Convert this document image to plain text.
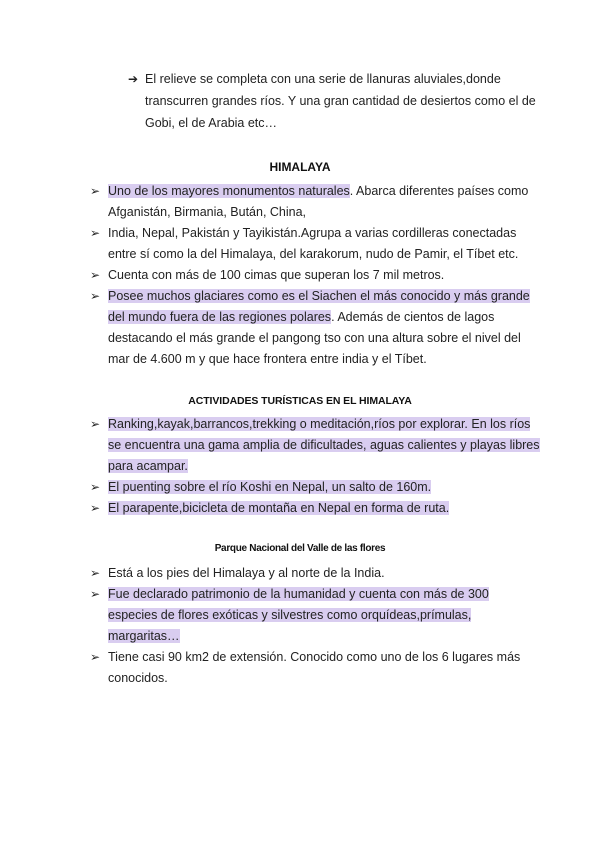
➔ El relieve se completa con una serie de llanuras aluviales,donde transcurren grandes ríos. Y una gran cantidad de desiertos como el de Gobi, el de Arabia etc…
HIMALAYA
➢ Uno de los mayores monumentos naturales. Abarca diferentes países como Afganistán, Birmania, Bután, China,
➢ India, Nepal, Pakistán y Tayikistán.Agrupa a varias cordilleras conectadas entre sí como la del Himalaya, del karakorum, nudo de Pamir, el Tíbet etc.
➢ Cuenta con más de 100 cimas que superan los 7 mil metros.
➢ Posee muchos glaciares como es el Siachen el más conocido y más grande del mundo fuera de las regiones polares. Además de cientos de lagos destacando el más grande el pangong tso con una altura sobre el nivel del mar de 4.600 m y que hace frontera entre india y el Tíbet.
ACTIVIDADES TURÍSTICAS EN EL HIMALAYA
➢ Ranking,kayak,barrancos,trekking o meditación,ríos por explorar. En los ríos se encuentra una gama amplia de dificultades, aguas calientes y playas libres para acampar.
➢ El puenting sobre el río Koshi en Nepal, un salto de 160m.
➢ El parapente,bicicleta de montaña en Nepal en forma de ruta.
Parque Nacional del Valle de las flores
➢ Está a los pies del Himalaya y al norte de la India.
➢ Fue declarado patrimonio de la humanidad y cuenta con más de 300 especies de flores exóticas y silvestres como orquídeas,prímulas, margaritas…
➢ Tiene casi 90 km2 de extensión. Conocido como uno de los 6 lugares más conocidos.
